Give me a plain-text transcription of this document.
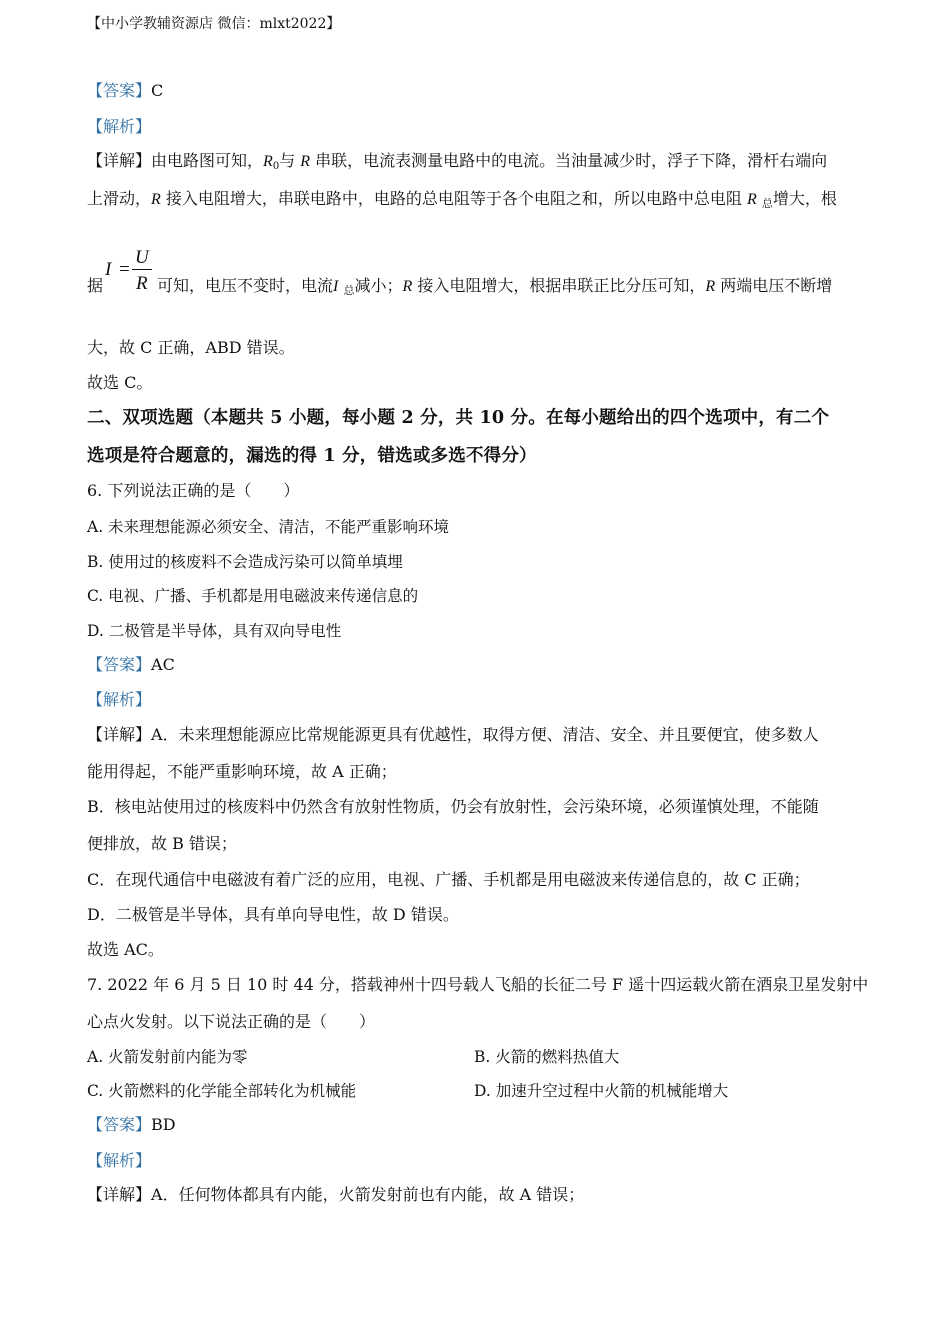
【中小学教辅资源店 微信：mlxt2022】
【答案】C
【解析】
【详解】由电路图可知，$R_0$与 R 串联，电流表测量电路中的电流。当油量减少时，浮子下降，滑杆右端向
上滑动，R 接入电阻增大，串联电路中，电路的总电阻等于各个电阻之和，所以电路中总电阻 R 总增大，根
I =
U
R
据	可知，电压不变时，电流I 总减小；R 接入电阻增大，根据串联正比分压可知，R 两端电压不断增
大，故 C 正确，ABD 错误。
故选 C。
二、双项选题（本题共 5 小题，每小题 2 分，共 10 分。在每小题给出的四个选项中，有二个
选项是符合题意的，漏选的得 1 分，错选或多选不得分）
6. 下列说法正确的是（　　）
A. 未来理想能源必须安全、清洁，不能严重影响环境
B. 使用过的核废料不会造成污染可以简单填埋
C. 电视、广播、手机都是用电磁波来传递信息的
D. 二极管是半导体，具有双向导电性
【答案】AC
【解析】
【详解】A．未来理想能源应比常规能源更具有优越性，取得方便、清洁、安全、并且要便宜，使多数人
能用得起，不能严重影响环境，故 A 正确；
B．核电站使用过的核废料中仍然含有放射性物质，仍会有放射性，会污染环境，必须谨慎处理，不能随
便排放，故 B 错误；
C．在现代通信中电磁波有着广泛的应用，电视、广播、手机都是用电磁波来传递信息的，故 C 正确；
D．二极管是半导体，具有单向导电性，故 D 错误。
故选 AC。
7. 2022 年 6 月 5 日 10 时 44 分，搭载神州十四号载人飞船的长征二号 F 遥十四运载火箭在酒泉卫星发射中
心点火发射。以下说法正确的是（　　）
A. 火箭发射前内能为零	B. 火箭的燃料热值大
C. 火箭燃料的化学能全部转化为机械能	D. 加速升空过程中火箭的机械能增大
【答案】BD
【解析】
【详解】A．任何物体都具有内能，火箭发射前也有内能，故 A 错误；
